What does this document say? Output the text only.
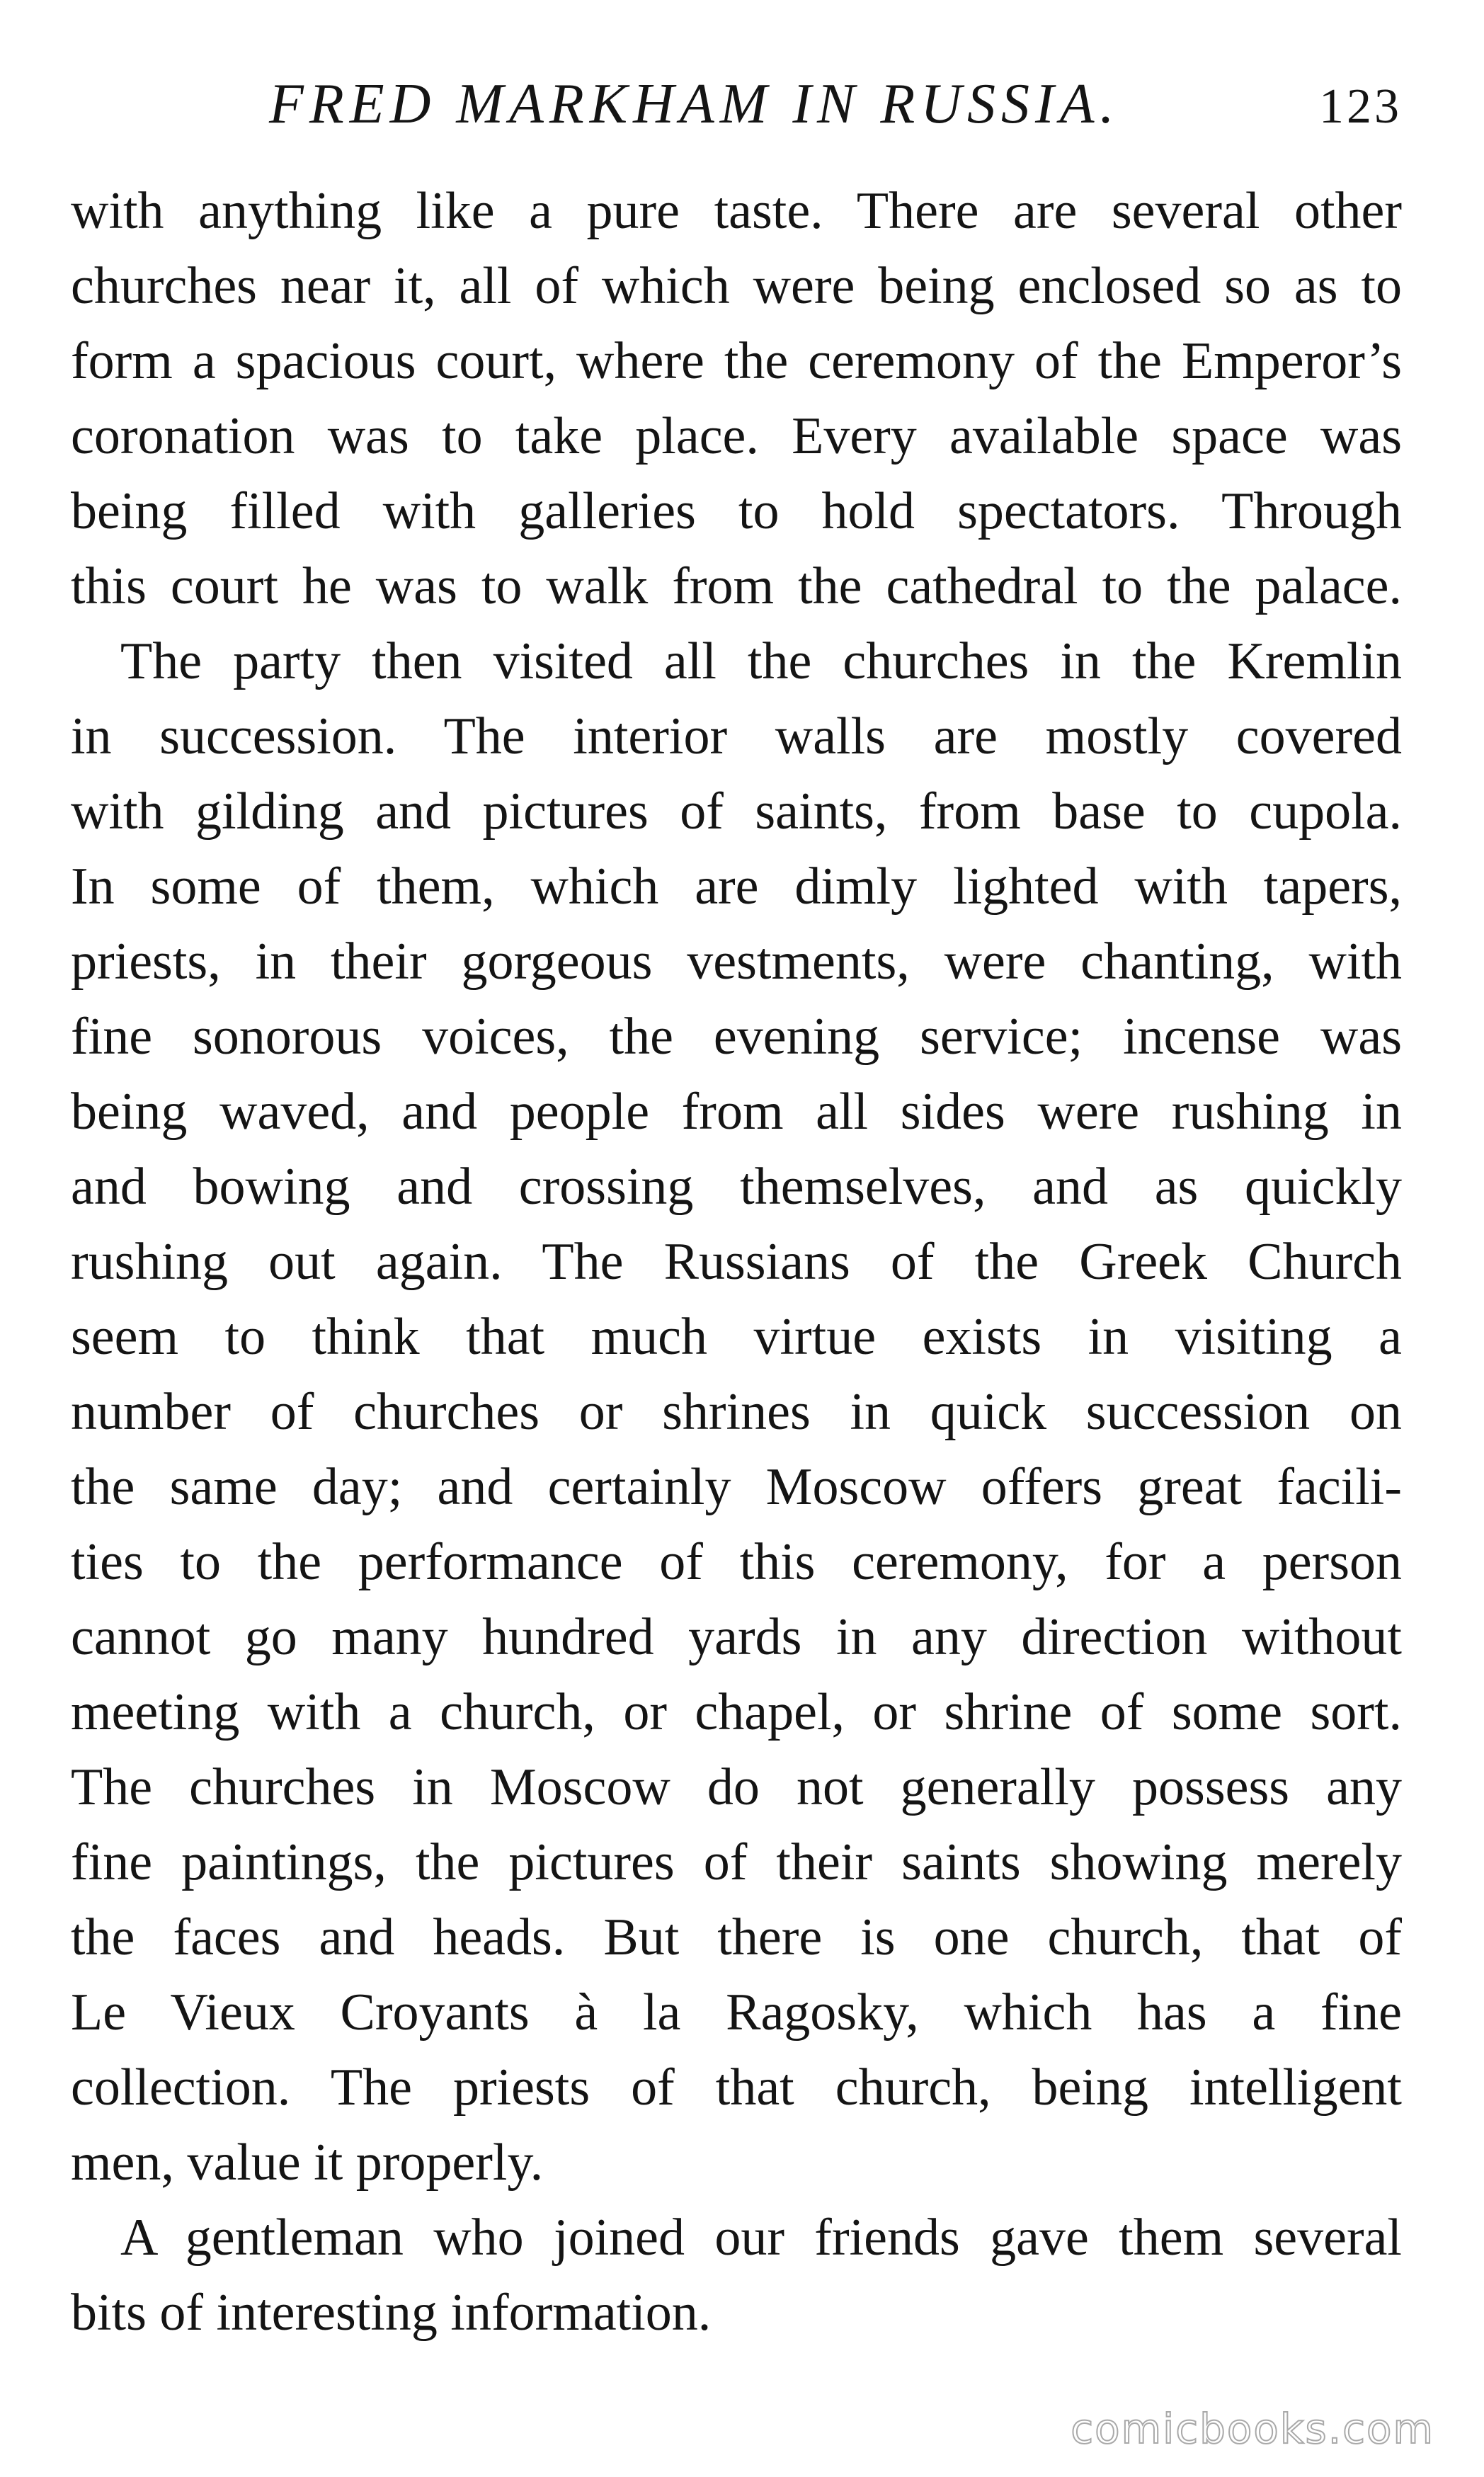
FRED MARKHAM IN RUSSIA.	123
with anything like a pure taste. There are several other
churches near it, all of which were being enclosed so as to
form a spacious court, where the ceremony of the Emperor’s
coronation was to take place. Every available space was
being filled with galleries to hold spectators. Through
this court he was to walk from the cathedral to the palace.
The party then visited all the churches in the Kremlin
in succession. The interior walls are mostly covered
with gilding and pictures of saints, from base to cupola.
In some of them, which are dimly lighted with tapers,
priests, in their gorgeous vestments, were chanting, with
fine sonorous voices, the evening service; incense was
being waved, and people from all sides were rushing in
and bowing and crossing themselves, and as quickly
rushing out again. The Russians of the Greek Church
seem to think that much virtue exists in visiting a
number of churches or shrines in quick succession on
the same day; and certainly Moscow offers great facili-
ties to the performance of this ceremony, for a person
cannot go many hundred yards in any direction without
meeting with a church, or chapel, or shrine of some sort.
The churches in Moscow do not generally possess any
fine paintings, the pictures of their saints showing merely
the faces and heads. But there is one church, that of
Le Vieux Croyants à la Ragosky, which has a fine
collection. The priests of that church, being intelligent
men, value it properly.
A gentleman who joined our friends gave them several
bits of interesting information.
comicbooks.com
